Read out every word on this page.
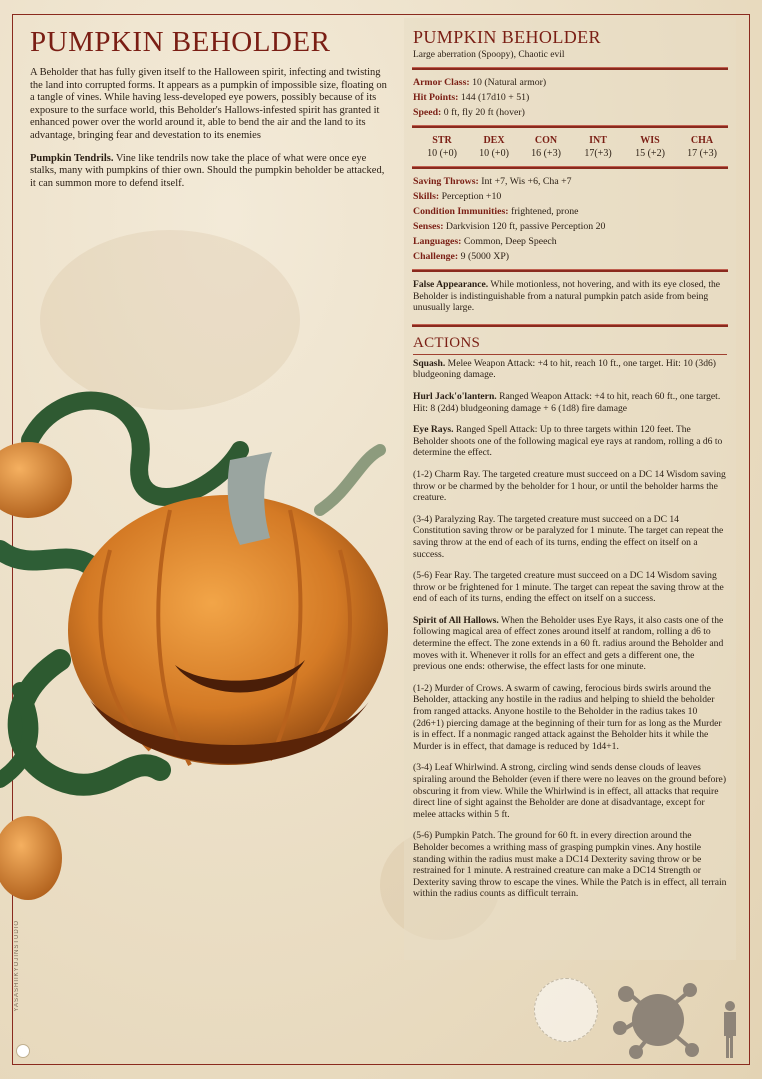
PUMPKIN BEHOLDER

A Beholder that has fully given itself to the Halloween spirit, infecting and twisting the land into corrupted forms. It appears as a pumpkin of impossible size, floating on a tangle of vines. While having less-developed eye powers, possibly because of its exposure to the surface world, this Beholder's Hallows-infested spirit has granted it enhanced power over the world around it, able to bend the air and the land to its advantage, bringing fear and devestation to its enemies

Pumpkin Tendrils. Vine like tendrils now take the place of what were once eye stalks, many with pumpkins of thier own. Should the pumpkin beholder be attacked, it can summon more to defend itself.

PUMPKIN BEHOLDER
Large aberration (Spoopy), Chaotic evil
Armor Class: 10 (Natural armor)
Hit Points: 144 (17d10 + 51)
Speed: 0 ft, fly 20 ft (hover)
STR
10 (+0)
DEX
10 (+0)
CON
16 (+3)
INT
17(+3)
WIS
15 (+2)
CHA
17 (+3)
Saving Throws: Int +7, Wis +6, Cha +7
Skills: Perception +10
Condition Immunities: frightened, prone
Senses: Darkvision 120 ft, passive Perception 20
Languages: Common, Deep Speech
Challenge: 9 (5000 XP)
False Appearance. While motionless, not hovering, and with its eye closed, the Beholder is indistinguishable from a natural pumpkin patch aside from being unusually large.
ACTIONS
Squash. Melee Weapon Attack: +4 to hit, reach 10 ft., one target. Hit: 10 (3d6) bludgeoning damage.
Hurl Jack'o'lantern. Ranged Weapon Attack: +4 to hit, reach 60 ft., one target. Hit: 8 (2d4) bludgeoning damage + 6 (1d8) fire damage
Eye Rays. Ranged Spell Attack: Up to three targets within 120 feet. The Beholder shoots one of the following magical eye rays at random, rolling a d6 to determine the effect.
(1-2) Charm Ray. The targeted creature must succeed on a DC 14 Wisdom saving throw or be charmed by the beholder for 1 hour, or until the beholder harms the creature.
(3-4) Paralyzing Ray. The targeted creature must succeed on a DC 14 Constitution saving throw or be paralyzed for 1 minute. The target can repeat the saving throw at the end of each of its turns, ending the effect on itself on a success.
(5-6) Fear Ray. The targeted creature must succeed on a DC 14 Wisdom saving throw or be frightened for 1 minute. The target can repeat the saving throw at the end of each of its turns, ending the effect on itself on a success.
Spirit of All Hallows. When the Beholder uses Eye Rays, it also casts one of the following magical area of effect zones around itself at random, rolling a d6 to determine the effect. The zone extends in a 60 ft. radius around the Beholder and moves with it. Whenever it rolls for an effect and gets a different one, the previous one ends: otherwise, the effect lasts for one minute.
(1-2) Murder of Crows. A swarm of cawing, ferocious birds swirls around the Beholder, attacking any hostile in the radius and helping to shield the beholder from ranged attacks. Anyone hostile to the Beholder in the radius takes 10 (2d6+1) piercing damage at the beginning of their turn for as long as the Murder is in effect. If a nonmagic ranged attack against the Beholder hits it while the Murder is in effect, that damage is reduced by 1d4+1.
(3-4) Leaf Whirlwind. A strong, circling wind sends dense clouds of leaves spiraling around the Beholder (even if there were no leaves on the ground before) obscuring it from view. While the Whirlwind is in effect, all attacks that require direct line of sight against the Beholder are done at disadvantage, except for melee attacks within 5 ft.
(5-6) Pumpkin Patch. The ground for 60 ft. in every direction around the Beholder becomes a writhing mass of grasping pumpkin vines. Any hostile standing within the radius must make a DC14 Dexterity saving throw or be restrained for 1 minute. A restrained creature can make a DC14 Strength or Dexterity saving throw to escape the vines. While the Patch is in effect, all terrain within the radius counts as difficult terrain.
YASASHIIKYOJINSTUDIO
